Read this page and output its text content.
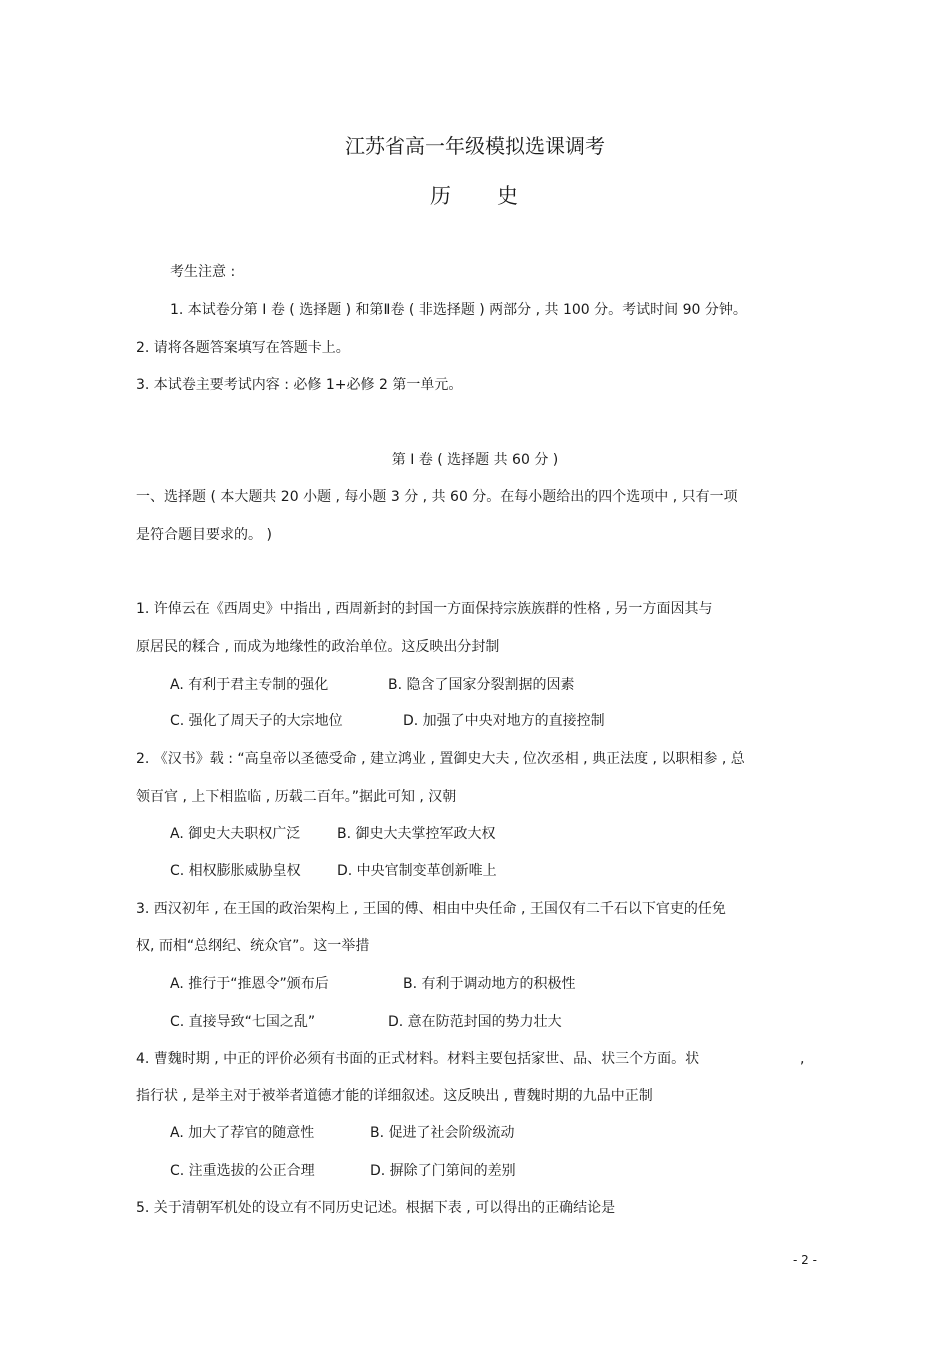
江苏省高一年级模拟选课调考
历 史
考生注意 :
1. 本试卷分第 I 卷 ( 选择题 ) 和第Ⅱ卷 ( 非选择题 ) 两部分 , 共 100 分。考试时间 90 分钟。
2. 请将各题答案填写在答题卡上。
3. 本试卷主要考试内容 : 必修 1+必修 2 第一单元。
第 I 卷 ( 选择题 共 60 分 )
一、选择题 ( 本大题共 20 小题 , 每小题 3 分 , 共 60 分。在每小题给出的四个选项中 , 只有一项
是符合题目要求的。 )
1. 许倬云在《西周史》中指出 , 西周新封的封国一方面保持宗族族群的性格 , 另一方面因其与
原居民的糅合 , 而成为地缘性的政治单位。这反映出分封制
A. 有利于君主专制的强化	B. 隐含了国家分裂割据的因素
C. 强化了周天子的大宗地位	D. 加强了中央对地方的直接控制
2. 《汉书》载 : “高皇帝以圣德受命 , 建立鸿业 , 置御史大夫 , 位次丞相 , 典正法度 , 以职相参 , 总
领百官 , 上下相监临 , 历载二百年。”据此可知 , 汉朝
A. 御史大夫职权广泛	B. 御史大夫掌控军政大权
C. 相权膨胀威胁皇权	D. 中央官制变革创新唯上
3. 西汉初年 , 在王国的政治架构上 , 王国的傅、相由中央任命 , 王国仅有二千石以下官吏的任免
权, 而相“总纲纪、统众官”。这一举措
A. 推行于“推恩令”颁布后	B. 有利于调动地方的积极性
C. 直接导致“七国之乱”	D. 意在防范封国的势力壮大
4. 曹魏时期 , 中正的评价必须有书面的正式材料。材料主要包括家世、品、状三个方面。状	,
指行状 , 是举主对于被举者道德才能的详细叙述。这反映出 , 曹魏时期的九品中正制
A. 加大了荐官的随意性	B. 促进了社会阶级流动
C. 注重选拔的公正合理	D. 摒除了门第间的差别
5. 关于清朝军机处的设立有不同历史记述。根据下表 , 可以得出的正确结论是
- 2 -
